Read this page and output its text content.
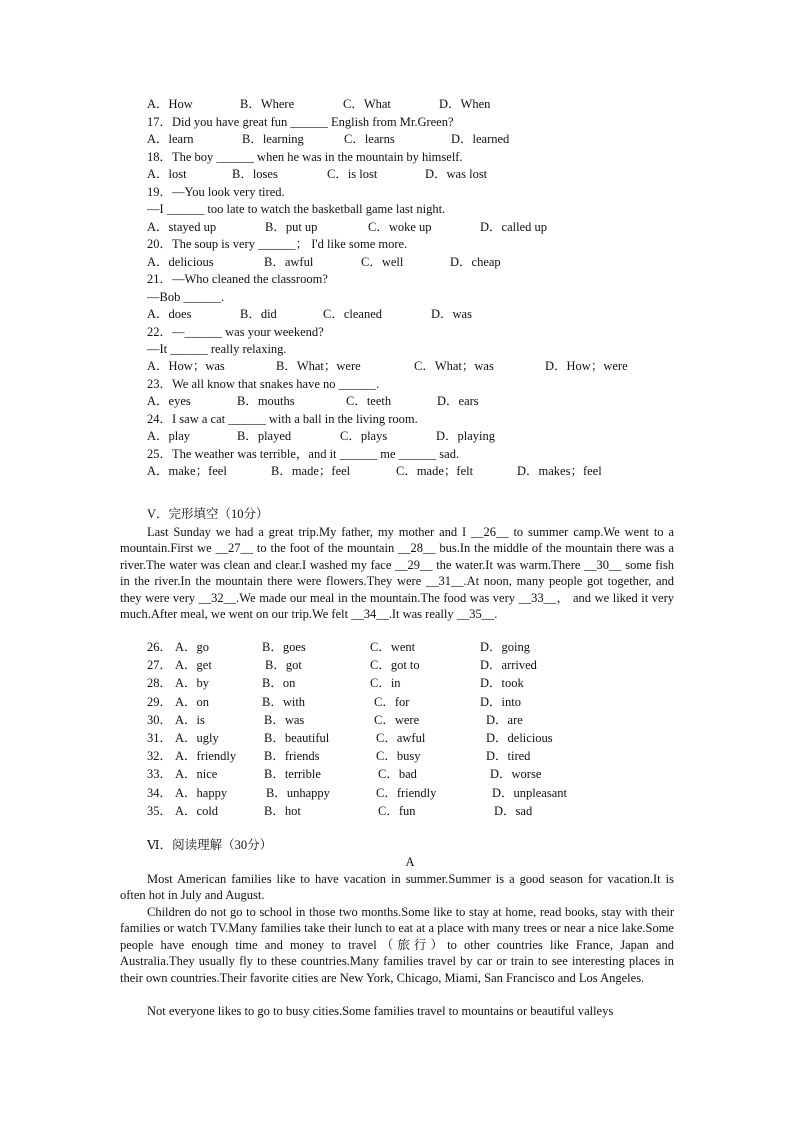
A．How	B．Where	C．What	D．When
17．Did you have great fun ______ English from Mr.Green?
A．learn	B．learning	C．learns	D．learned
18．The boy ______ when he was in the mountain by himself.
A．lost	B．loses	C．is lost	D．was lost
19．—You look very tired.
—I ______ too late to watch the basketball game last night.
A．stayed up	B．put up	C．woke up	D．called up
20．The soup is very ______； I'd like some more.
A．delicious	B．awful	C．well	D．cheap
21．—Who cleaned the classroom?
—Bob ______.
A．does	B．did	C．cleaned	D．was
22．—______ was your weekend?
—It ______ really relaxing.
A．How；was	B．What；were	C．What；was	D．How；were
23．We all know that snakes have no ______.
A．eyes	B．mouths	C．teeth	D．ears
24．I saw a cat ______ with a ball in the living room.
A．play	B．played	C．plays	D．playing
25．The weather was terrible，and it ______ me ______ sad.
A．make；feel	B．made；feel	C．made；felt	D．makes；feel
V．完形填空（10分）
Last Sunday we had a great trip.My father, my mother and I __26__ to summer camp.We went to a mountain.First we __27__ to the foot of the mountain __28__ bus.In the middle of the mountain there was a river.The water was clean and clear.I washed my face __29__ the water.It was warm.There __30__ some fish in the river.In the mountain there were flowers.They were __31__.At noon, many people got together, and they were very __32__.We made our meal in the mountain.The food was very __33__， and we liked it very much.After meal, we went on our trip.We felt __34__.It was really __35__.
26． A．go	B．goes	C．went	D．going
27． A．get	B．got	C．got to	D．arrived
28． A．by	B．on	C．in	D．took
29． A．on	B．with	C．for	D．into
30． A．is	B．was	C．were	D．are
31． A．ugly	B．beautiful	C．awful	D．delicious
32． A．friendly B．friends	C．busy	D．tired
33． A．nice	B．terrible	C．bad	D．worse
34． A．happy	B．unhappy	C．friendly	D．unpleasant
35． A．cold	B．hot	C．fun	D．sad
Ⅵ．阅读理解（30分）
A
Most American families like to have vacation in summer.Summer is a good season for vacation.It is often hot in July and August.
Children do not go to school in those two months.Some like to stay at home, read books, stay with their families or watch TV.Many families take their lunch to eat at a place with many trees or near a nice lake.Some people have enough time and money to travel（旅行）to other countries like France, Japan and Australia.They usually fly to these countries.Many families travel by car or train to see interesting places in their own countries.Their favorite cities are New York, Chicago, Miami, San Francisco and Los Angeles.
Not everyone likes to go to busy cities.Some families travel to mountains or beautiful valleys
